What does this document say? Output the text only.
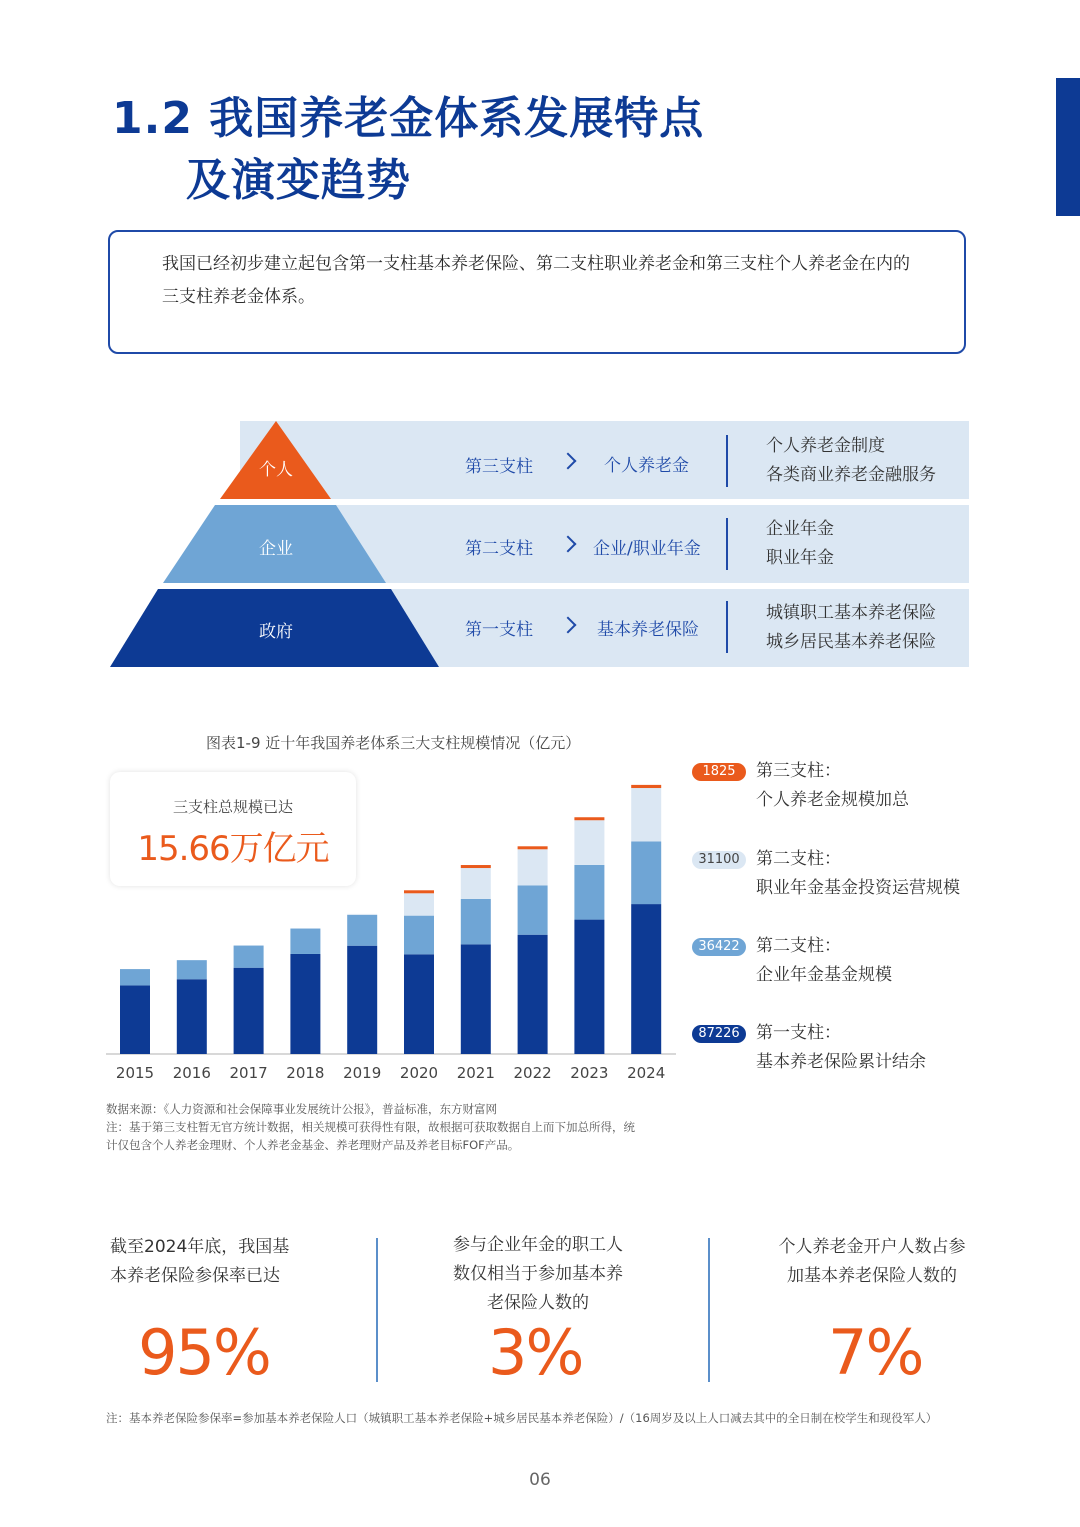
1.2 我国养老金体系发展特点
及演变趋势
我国已经初步建立起包含第一支柱基本养老保险、第二支柱职业养老金和第三支柱个人养老金在内的三支柱养老金体系。
个人
企业
政府
第三支柱	个人养老金
个人养老金制度
各类商业养老金融服务
第二支柱	企业/职业年金
企业年金
职业年金
第一支柱	基本养老保险
城镇职工基本养老保险
城乡居民基本养老保险
图表1-9 近十年我国养老体系三大支柱规模情况（亿元）
2015 2016 2017 2018 2019 2020 2021 2022 2023 2024
三支柱总规模已达
15.66万亿元
1825	第三支柱：
个人养老金规模加总
31100 第二支柱：
职业年金基金投资运营规模
36422 第二支柱：
企业年金基金规模
87226 第一支柱：
基本养老保险累计结余
数据来源：《人力资源和社会保障事业发展统计公报》，普益标准，东方财富网
注：基于第三支柱暂无官方统计数据，相关规模可获得性有限，故根据可获取数据自上而下加总所得，统
计仅包含个人养老金理财、个人养老金基金、养老理财产品及养老目标FOF产品。
截至2024年底，我国基
本养老保险参保率已达
95%
参与企业年金的职工人
数仅相当于参加基本养
老保险人数的
3%
个人养老金开户人数占参
加基本养老保险人数的
7%
注：基本养老保险参保率=参加基本养老保险人口（城镇职工基本养老保险+城乡居民基本养老保险）/（16周岁及以上人口减去其中的全日制在校学生和现役军人）
06
